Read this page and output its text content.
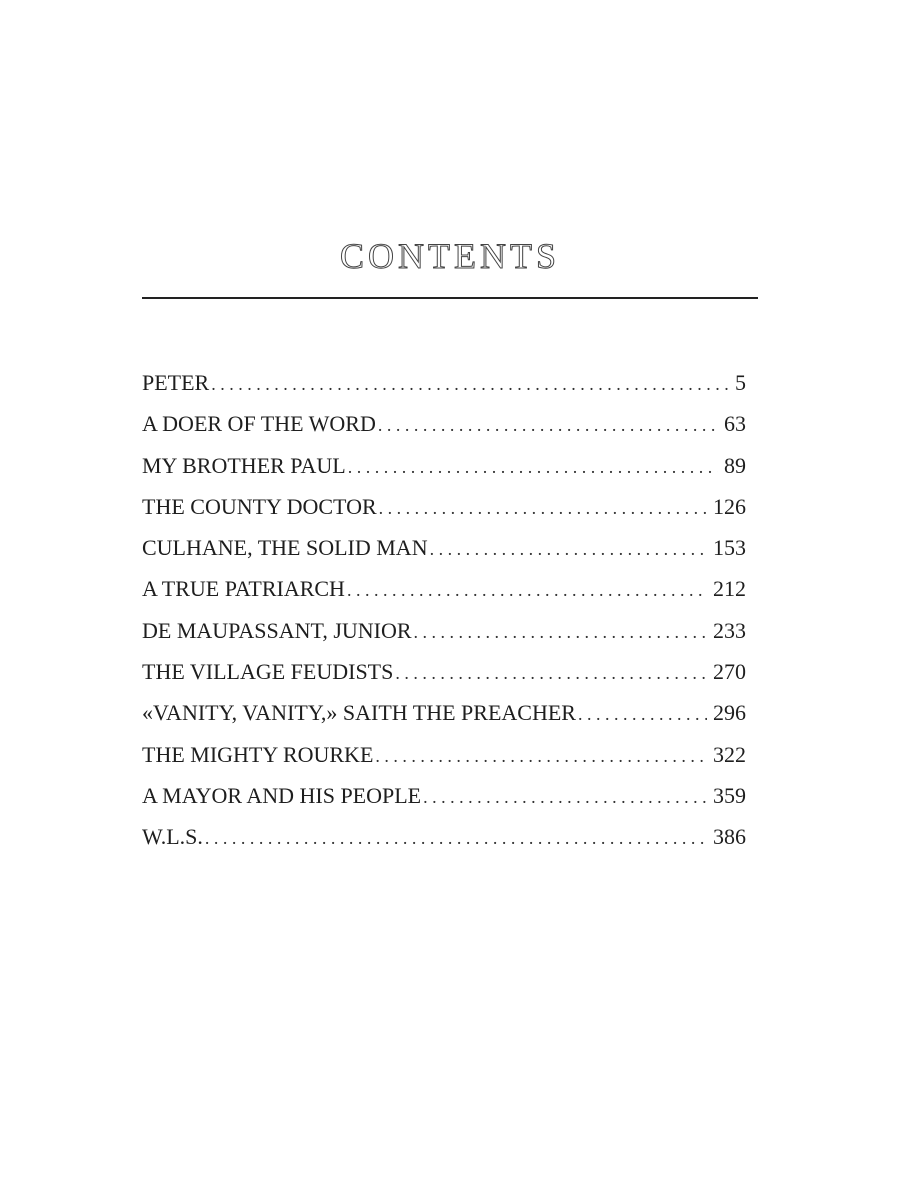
CONTENTS
PETER . . .	5
A DOER OF THE WORD . . .	63
MY BROTHER PAUL . . .	89
THE COUNTY DOCTOR . . .	126
CULHANE, THE SOLID MAN . . .	153
A TRUE PATRIARCH . . .	212
DE MAUPASSANT, JUNIOR . . .	233
THE VILLAGE FEUDISTS . . .	270
«VANITY, VANITY,» SAITH THE PREACHER . . .	296
THE MIGHTY ROURKE . . .	322
A MAYOR AND HIS PEOPLE . . .	359
W.L.S. . . .	386
